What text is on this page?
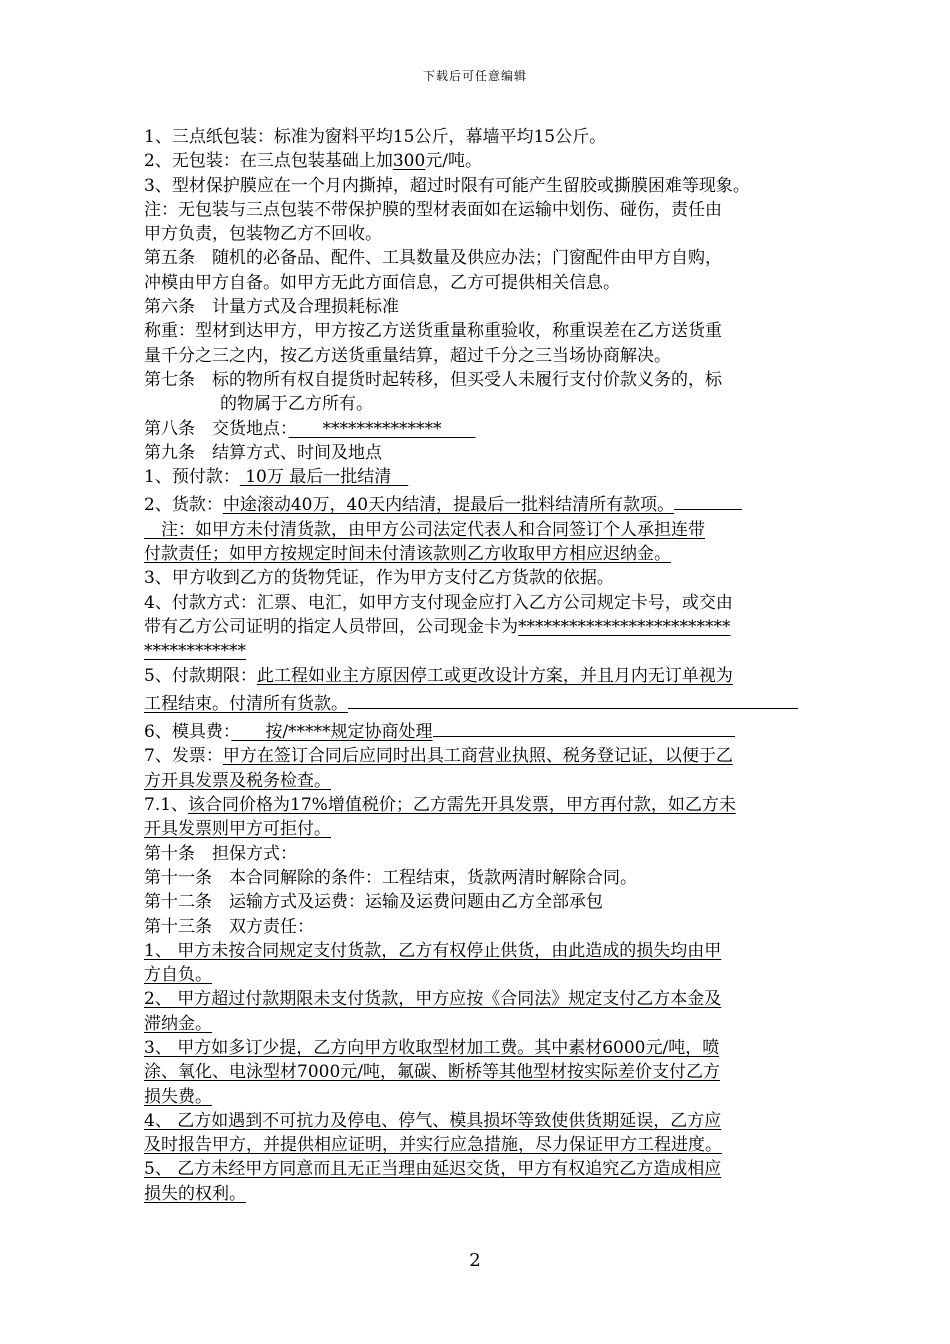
下载后可任意编辑

1、三点纸包装：标准为窗料平均15公斤，幕墙平均15公斤。

2、无包装：在三点包装基础上加300元/吨。

3、型材保护膜应在一个月内撕掉，超过时限有可能产生留胶或撕膜困难等现象。

注：无包装与三点包装不带保护膜的型材表面如在运输中划伤、碰伤，责任由

甲方负责，包装物乙方不回收。

第五条　随机的必备品、配件、工具数量及供应办法；门窗配件由甲方自购，

冲模由甲方自备。如甲方无此方面信息，乙方可提供相关信息。

第六条　计量方式及合理损耗标准

称重：型材到达甲方，甲方按乙方送货重量称重验收，称重误差在乙方送货重

量千分之三之内，按乙方送货重量结算，超过千分之三当场协商解决。

第七条　标的物所有权自提货时起转移，但买受人未履行支付价款义务的，标

的物属于乙方所有。

第八条　交货地点：　　**************　　

第九条　结算方式、时间及地点

1、预付款： 10万 最后一批结清　

2、货款：中途滚动40万，40天内结清，提最后一批料结清所有款项。

　注：如甲方未付清货款，由甲方公司法定代表人和合同签订个人承担连带

付款责任；如甲方按规定时间未付清该款则乙方收取甲方相应迟纳金。

3、甲方收到乙方的货物凭证，作为甲方支付乙方货款的依据。

4、付款方式：汇票、电汇，如甲方支付现金应打入乙方公司规定卡号，或交由

带有乙方公司证明的指定人员带回，公司现金卡为*************************

************

5、付款期限：此工程如业主方原因停工或更改设计方案，并且月内无订单视为

工程结束。付清所有货款。

6、模具费：　　按/*****规定协商处理

7、发票：甲方在签订合同后应同时出具工商营业执照、税务登记证，以便于乙

方开具发票及税务检查。

7.1、该合同价格为17%增值税价；乙方需先开具发票，甲方再付款，如乙方未

开具发票则甲方可拒付。

第十条　担保方式：

第十一条　本合同解除的条件：工程结束，货款两清时解除合同。

第十二条　运输方式及运费：运输及运费问题由乙方全部承包

第十三条　双方责任：

1、 甲方未按合同规定支付货款，乙方有权停止供货，由此造成的损失均由甲

方自负。

2、 甲方超过付款期限未支付货款，甲方应按《合同法》规定支付乙方本金及

滞纳金。

3、 甲方如多订少提，乙方向甲方收取型材加工费。其中素材6000元/吨，喷

涂、氧化、电泳型材7000元/吨，氟碳、断桥等其他型材按实际差价支付乙方

损失费。

4、 乙方如遇到不可抗力及停电、停气、模具损坏等致使供货期延误，乙方应

及时报告甲方，并提供相应证明，并实行应急措施，尽力保证甲方工程进度。

5、 乙方未经甲方同意而且无正当理由延迟交货，甲方有权追究乙方造成相应

损失的权利。

2
